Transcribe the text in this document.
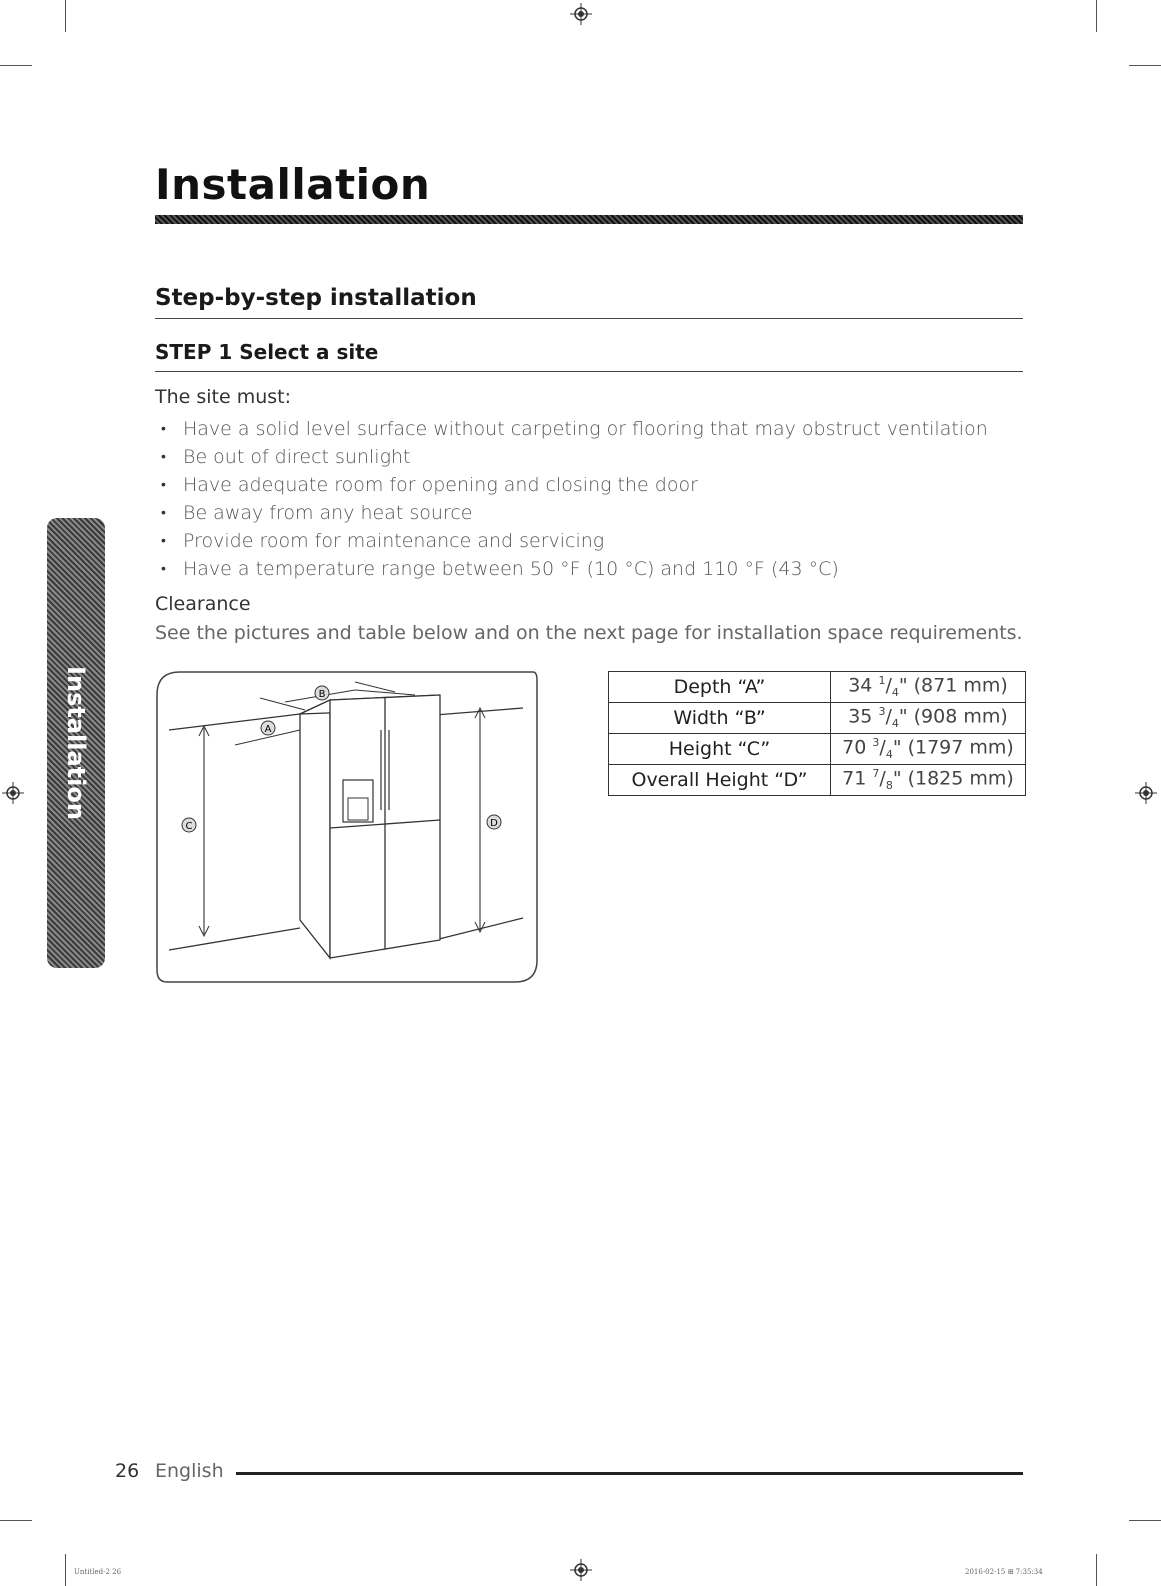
Installation
Step-by-step installation
STEP 1 Select a site
The site must:
• Have a solid level surface without carpeting or flooring that may obstruct ventilation
• Be out of direct sunlight
• Have adequate room for opening and closing the door
• Be away from any heat source
• Provide room for maintenance and servicing
• Have a temperature range between 50 °F (10 °C) and 110 °F (43 °C)
Clearance
See the pictures and table below and on the next page for installation space requirements.
Installation	B
A
C	D
Depth “A”	34 $^1/_4$" (871 mm)
Width “B”	35 $^3/_4$" (908 mm)
Height “C”	70 $^3/_4$" (1797 mm)
Overall Height “D”	71 $^7/_8$" (1825 mm)
26 English
Untitled-2 26	2016-02-15 ⊞ 7:35:34
